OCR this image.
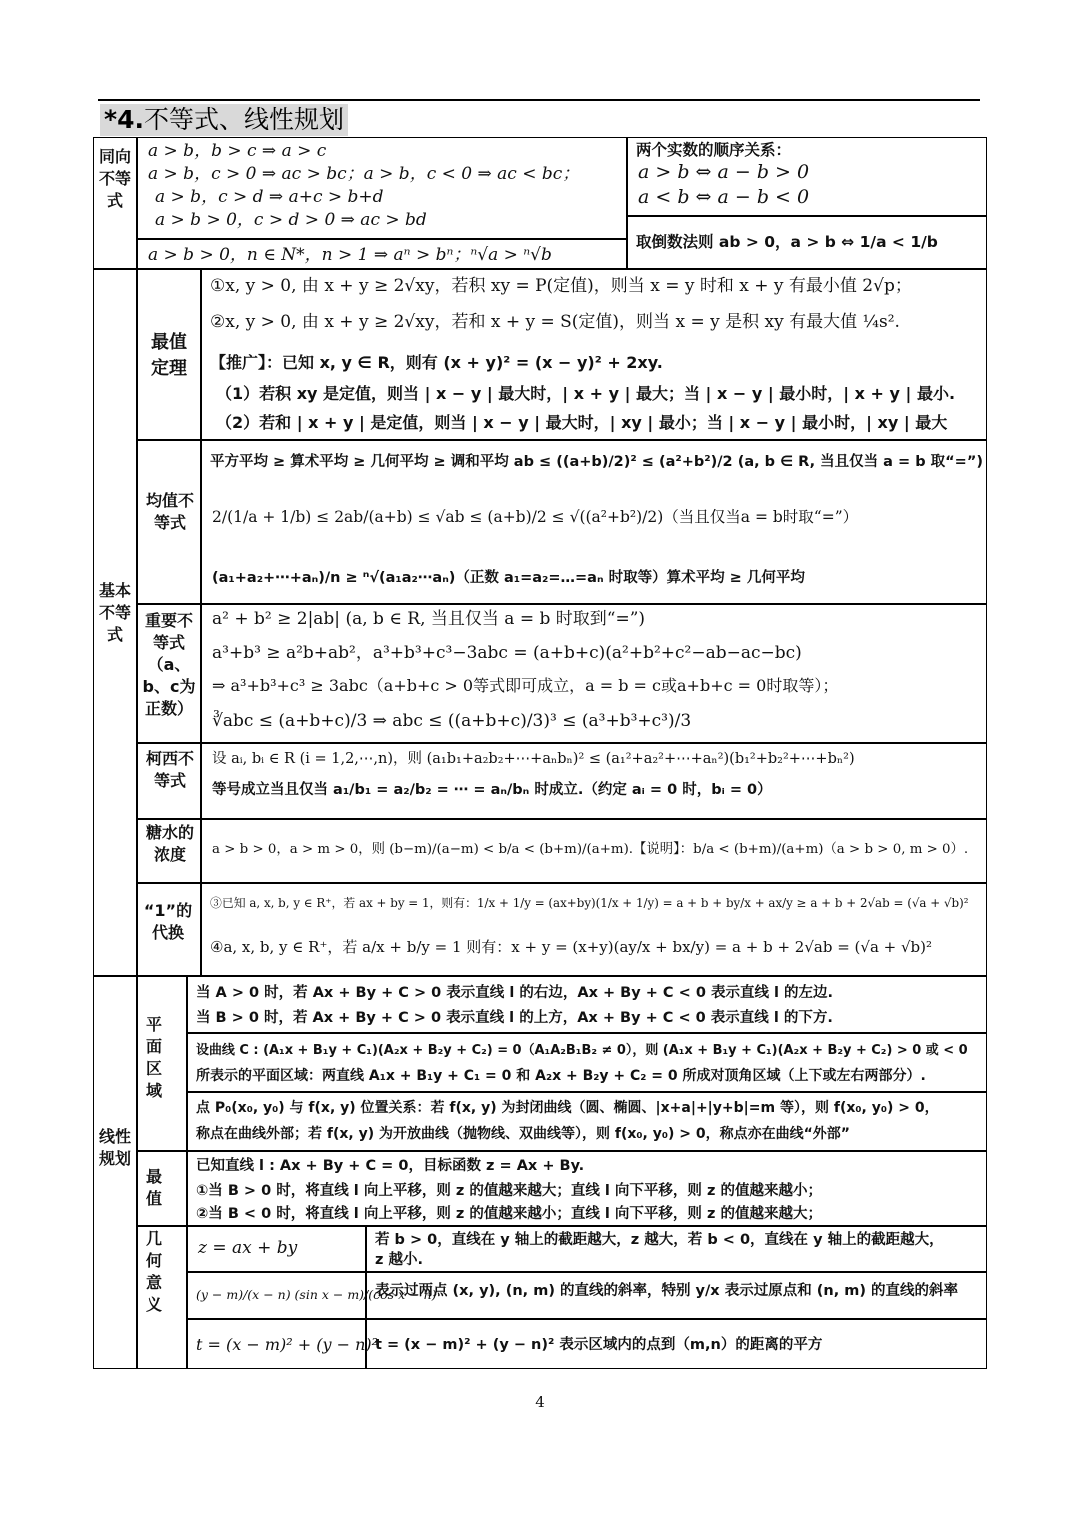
*4.不等式、线性规划
同向不等式
a > b，b > c ⇒ a > c
a > b，c > 0 ⇒ ac > bc；a > b，c < 0 ⇒ ac < bc；
a > b，c > d ⇒ a+c > b+d
a > b > 0，c > d > 0 ⇒ ac > bd
a > b > 0，n ∈ N*，n > 1 ⇒ aⁿ > bⁿ；ⁿ√a > ⁿ√b
两个实数的顺序关系：
a > b ⇔ a − b > 0
a < b ⇔ a − b < 0
取倒数法则 ab > 0，a > b ⇔ 1/a < 1/b
基本不等式
最值定理
①x, y > 0, 由 x + y ≥ 2√xy，若积 xy = P(定值)，则当 x = y 时和 x + y 有最小值 2√p；
②x, y > 0, 由 x + y ≥ 2√xy，若和 x + y = S(定值)，则当 x = y 是积 xy 有最大值 ¼s².
【推广】：已知 x, y ∈ R，则有 (x + y)² = (x − y)² + 2xy.
（1）若积 xy 是定值，则当 | x − y | 最大时，| x + y | 最大；当 | x − y | 最小时，| x + y | 最小.
（2）若和 | x + y | 是定值，则当 | x − y | 最大时，| xy | 最小；当 | x − y | 最小时，| xy | 最大
均值不等式
平方平均 ≥ 算术平均 ≥ 几何平均 ≥ 调和平均 ab ≤ ((a+b)/2)² ≤ (a²+b²)/2 (a, b ∈ R, 当且仅当 a = b 取“=”)
2/(1/a + 1/b) ≤ 2ab/(a+b) ≤ √ab ≤ (a+b)/2 ≤ √((a²+b²)/2)（当且仅当a = b时取“=”）
(a₁+a₂+⋯+aₙ)/n ≥ ⁿ√(a₁a₂⋯aₙ)（正数 a₁=a₂=…=aₙ 时取等）算术平均 ≥ 几何平均
重要不等式（a、b、c为正数）
a² + b² ≥ 2|ab| (a, b ∈ R, 当且仅当 a = b 时取到“=”)
a³+b³ ≥ a²b+ab²，a³+b³+c³−3abc = (a+b+c)(a²+b²+c²−ab−ac−bc)
⇒ a³+b³+c³ ≥ 3abc（a+b+c > 0等式即可成立，a = b = c或a+b+c = 0时取等）；
∛abc ≤ (a+b+c)/3 ⇒ abc ≤ ((a+b+c)/3)³ ≤ (a³+b³+c³)/3
柯西不等式
设 aᵢ, bᵢ ∈ R (i = 1,2,⋯,n)，则 (a₁b₁+a₂b₂+⋯+aₙbₙ)² ≤ (a₁²+a₂²+⋯+aₙ²)(b₁²+b₂²+⋯+bₙ²)
等号成立当且仅当 a₁/b₁ = a₂/b₂ = ⋯ = aₙ/bₙ 时成立.（约定 aᵢ = 0 时，bᵢ = 0）
糖水的浓度	a > b > 0，a > m > 0，则 (b−m)/(a−m) < b/a < (b+m)/(a+m).【说明】：b/a < (b+m)/(a+m)（a > b > 0, m > 0）.
“1”的代换
③已知 a, x, b, y ∈ R⁺，若 ax + by = 1，则有：1/x + 1/y = (ax+by)(1/x + 1/y) = a + b + by/x + ax/y ≥ a + b + 2√ab = (√a + √b)²
④a, x, b, y ∈ R⁺，若 a/x + b/y = 1 则有：x + y = (x+y)(ay/x + bx/y) = a + b + 2√ab = (√a + √b)²
线性规划
平面区域
当 A > 0 时，若 Ax + By + C > 0 表示直线 l 的右边，Ax + By + C < 0 表示直线 l 的左边.
当 B > 0 时，若 Ax + By + C > 0 表示直线 l 的上方，Ax + By + C < 0 表示直线 l 的下方.
设曲线 C : (A₁x + B₁y + C₁)(A₂x + B₂y + C₂) = 0（A₁A₂B₁B₂ ≠ 0），则 (A₁x + B₁y + C₁)(A₂x + B₂y + C₂) > 0 或 < 0
所表示的平面区域：两直线 A₁x + B₁y + C₁ = 0 和 A₂x + B₂y + C₂ = 0 所成对顶角区域（上下或左右两部分）.
点 P₀(x₀, y₀) 与 f(x, y) 位置关系：若 f(x, y) 为封闭曲线（圆、椭圆、|x+a|+|y+b|=m 等），则 f(x₀, y₀) > 0，
称点在曲线外部；若 f(x, y) 为开放曲线（抛物线、双曲线等），则 f(x₀, y₀) > 0，称点亦在曲线“外部”
最值
已知直线 l : Ax + By + C = 0，目标函数 z = Ax + By.
①当 B > 0 时，将直线 l 向上平移，则 z 的值越来越大；直线 l 向下平移，则 z 的值越来越小；
②当 B < 0 时，将直线 l 向上平移，则 z 的值越来越小；直线 l 向下平移，则 z 的值越来越大；
几何意义
z = ax + by	若 b > 0，直线在 y 轴上的截距越大，z 越大，若 b < 0，直线在 y 轴上的截距越大，
z 越小.
(y − m)/(x − n) (sin x − m)/(cos x − n)
表示过两点 (x, y), (n, m) 的直线的斜率，特别 y/x 表示过原点和 (n, m) 的直线的斜率
t = (x − m)² + (y − n)²
t = (x − m)² + (y − n)² 表示区域内的点到（m,n）的距离的平方
4
